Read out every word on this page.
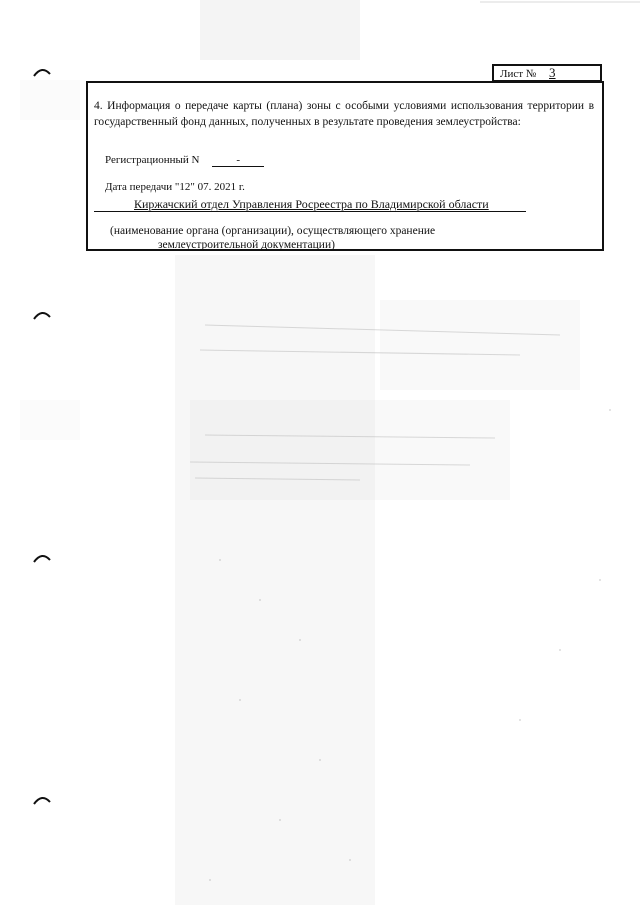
Лист № 3
4. Информация о передаче карты (плана) зоны с особыми условиями использования территории в государственный фонд данных, полученных в результате проведения землеустройства:
Регистрационный N	-
Дата передачи "12" 07. 2021 г.
Киржачский отдел Управления Росреестра по Владимирской области
(наименование органа (организации), осуществляющего хранение
землеустроительной документации)
